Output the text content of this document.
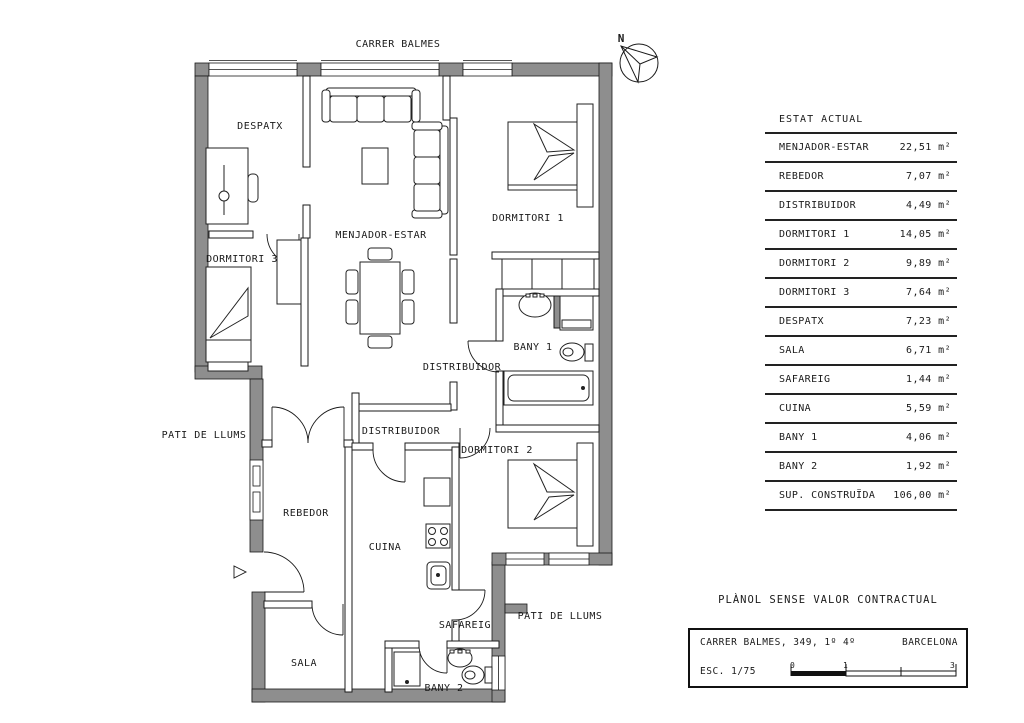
CARRER BALMES	N
DESPATX
MENJADOR-ESTAR
DORMITORI 1
DORMITORI 3
BANY 1
DISTRIBUIDOR
DISTRIBUIDOR
DORMITORI 2
REBEDOR
CUINA
SALA
SAFAREIG
BANY 2
PATI DE LLUMS
PATI DE LLUMS
ESTAT ACTUAL
MENJADOR-ESTAR	22,51 m²
REBEDOR	7,07 m²
DISTRIBUIDOR	4,49 m²
DORMITORI 1	14,05 m²
DORMITORI 2	9,89 m²
DORMITORI 3	7,64 m²
DESPATX	7,23 m²
SALA	6,71 m²
SAFAREIG	1,44 m²
CUINA	5,59 m²
BANY 1	4,06 m²
BANY 2	1,92 m²
SUP. CONSTRUÏDA 106,00 m²
PLÀNOL SENSE VALOR CONTRACTUAL
CARRER BALMES, 349, 1º 4º	BARCELONA
ESC. 1/75
0	1	3
